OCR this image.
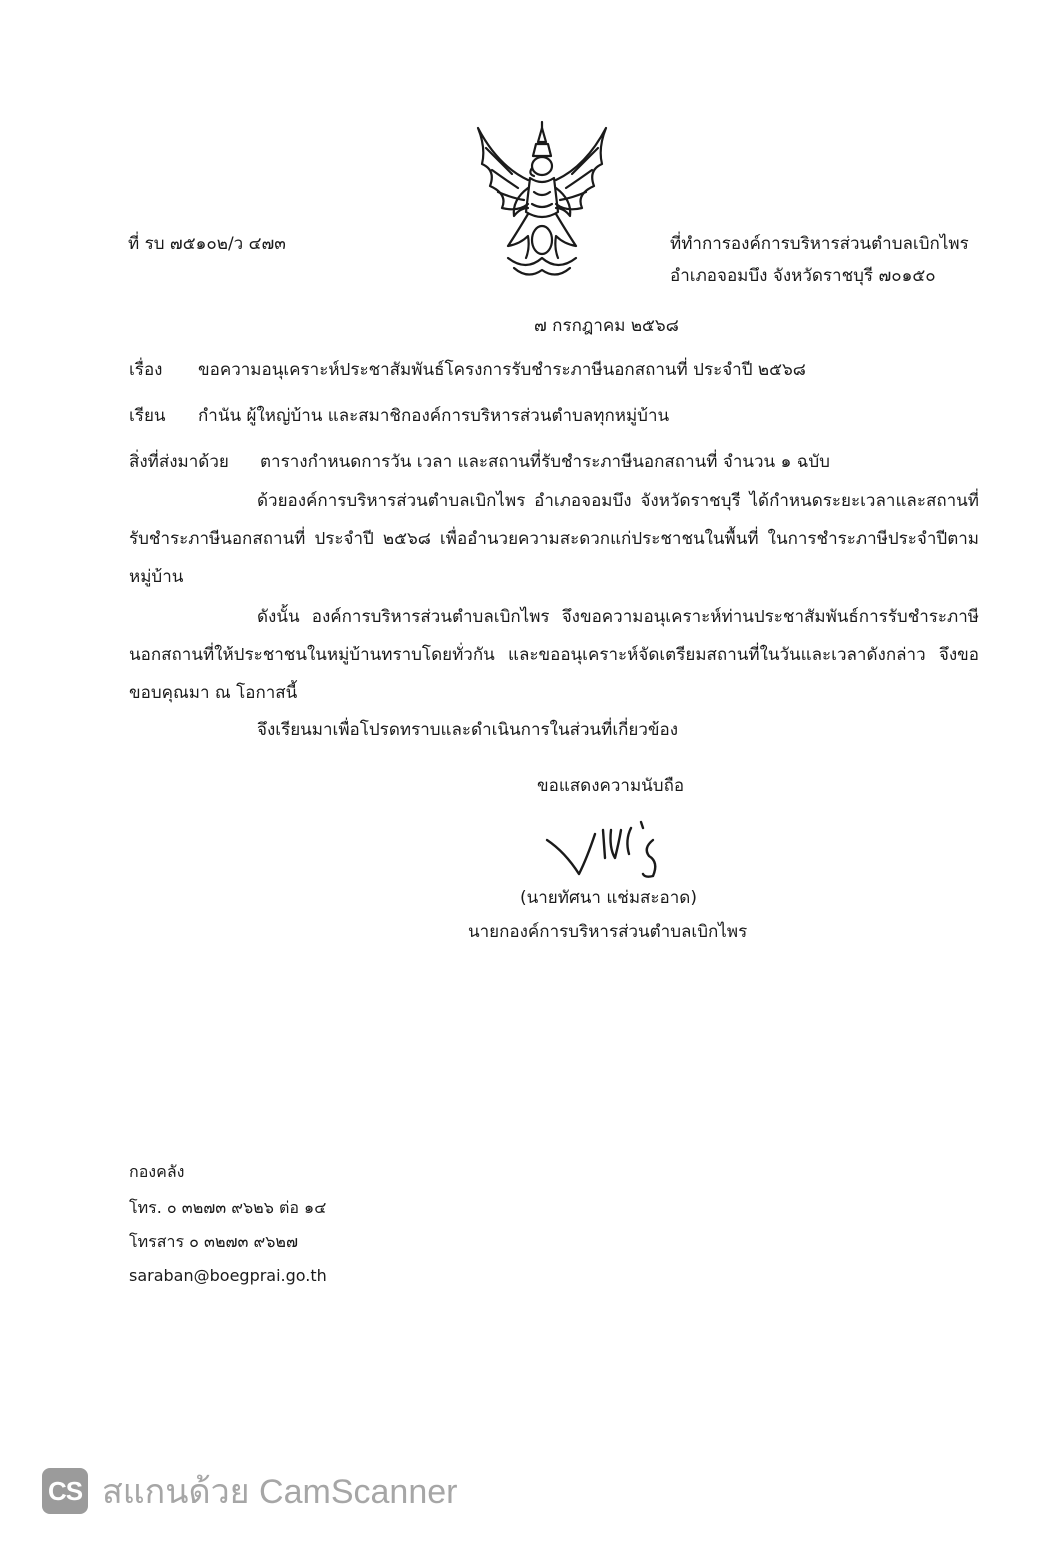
ที่ รบ ๗๕๑๐๒/ว ๔๗๓	ที่ทำการองค์การบริหารส่วนตำบลเบิกไพร
อำเภอจอมบึง จังหวัดราชบุรี ๗๐๑๕๐
๗ กรกฎาคม ๒๕๖๘
เรื่อง ขอความอนุเคราะห์ประชาสัมพันธ์โครงการรับชำระภาษีนอกสถานที่ ประจำปี ๒๕๖๘
เรียน กำนัน ผู้ใหญ่บ้าน และสมาชิกองค์การบริหารส่วนตำบลทุกหมู่บ้าน
สิ่งที่ส่งมาด้วย ตารางกำหนดการวัน เวลา และสถานที่รับชำระภาษีนอกสถานที่ จำนวน ๑ ฉบับ
ด้วยองค์การบริหารส่วนตำบลเบิกไพร อำเภอจอมบึง จังหวัดราชบุรี ได้กำหนดระยะเวลาและสถานที่ รับชำระภาษีนอกสถานที่ ประจำปี ๒๕๖๘ เพื่ออำนวยความสะดวกแก่ประชาชนในพื้นที่ ในการชำระภาษีประจำปีตามหมู่บ้าน
ดังนั้น องค์การบริหารส่วนตำบลเบิกไพร จึงขอความอนุเคราะห์ท่านประชาสัมพันธ์การรับชำระภาษีนอกสถานที่ให้ประชาชนในหมู่บ้านทราบโดยทั่วกัน และขออนุเคราะห์จัดเตรียมสถานที่ในวันและเวลาดังกล่าว จึงขอขอบคุณมา ณ โอกาสนี้
จึงเรียนมาเพื่อโปรดทราบและดำเนินการในส่วนที่เกี่ยวข้อง
ขอแสดงความนับถือ
(นายทัศนา แช่มสะอาด)
นายกองค์การบริหารส่วนตำบลเบิกไพร
กองคลัง
โทร. ๐ ๓๒๗๓ ๙๖๒๖ ต่อ ๑๔
โทรสาร ๐ ๓๒๗๓ ๙๖๒๗
saraban@boegprai.go.th
CS สแกนด้วย CamScanner
